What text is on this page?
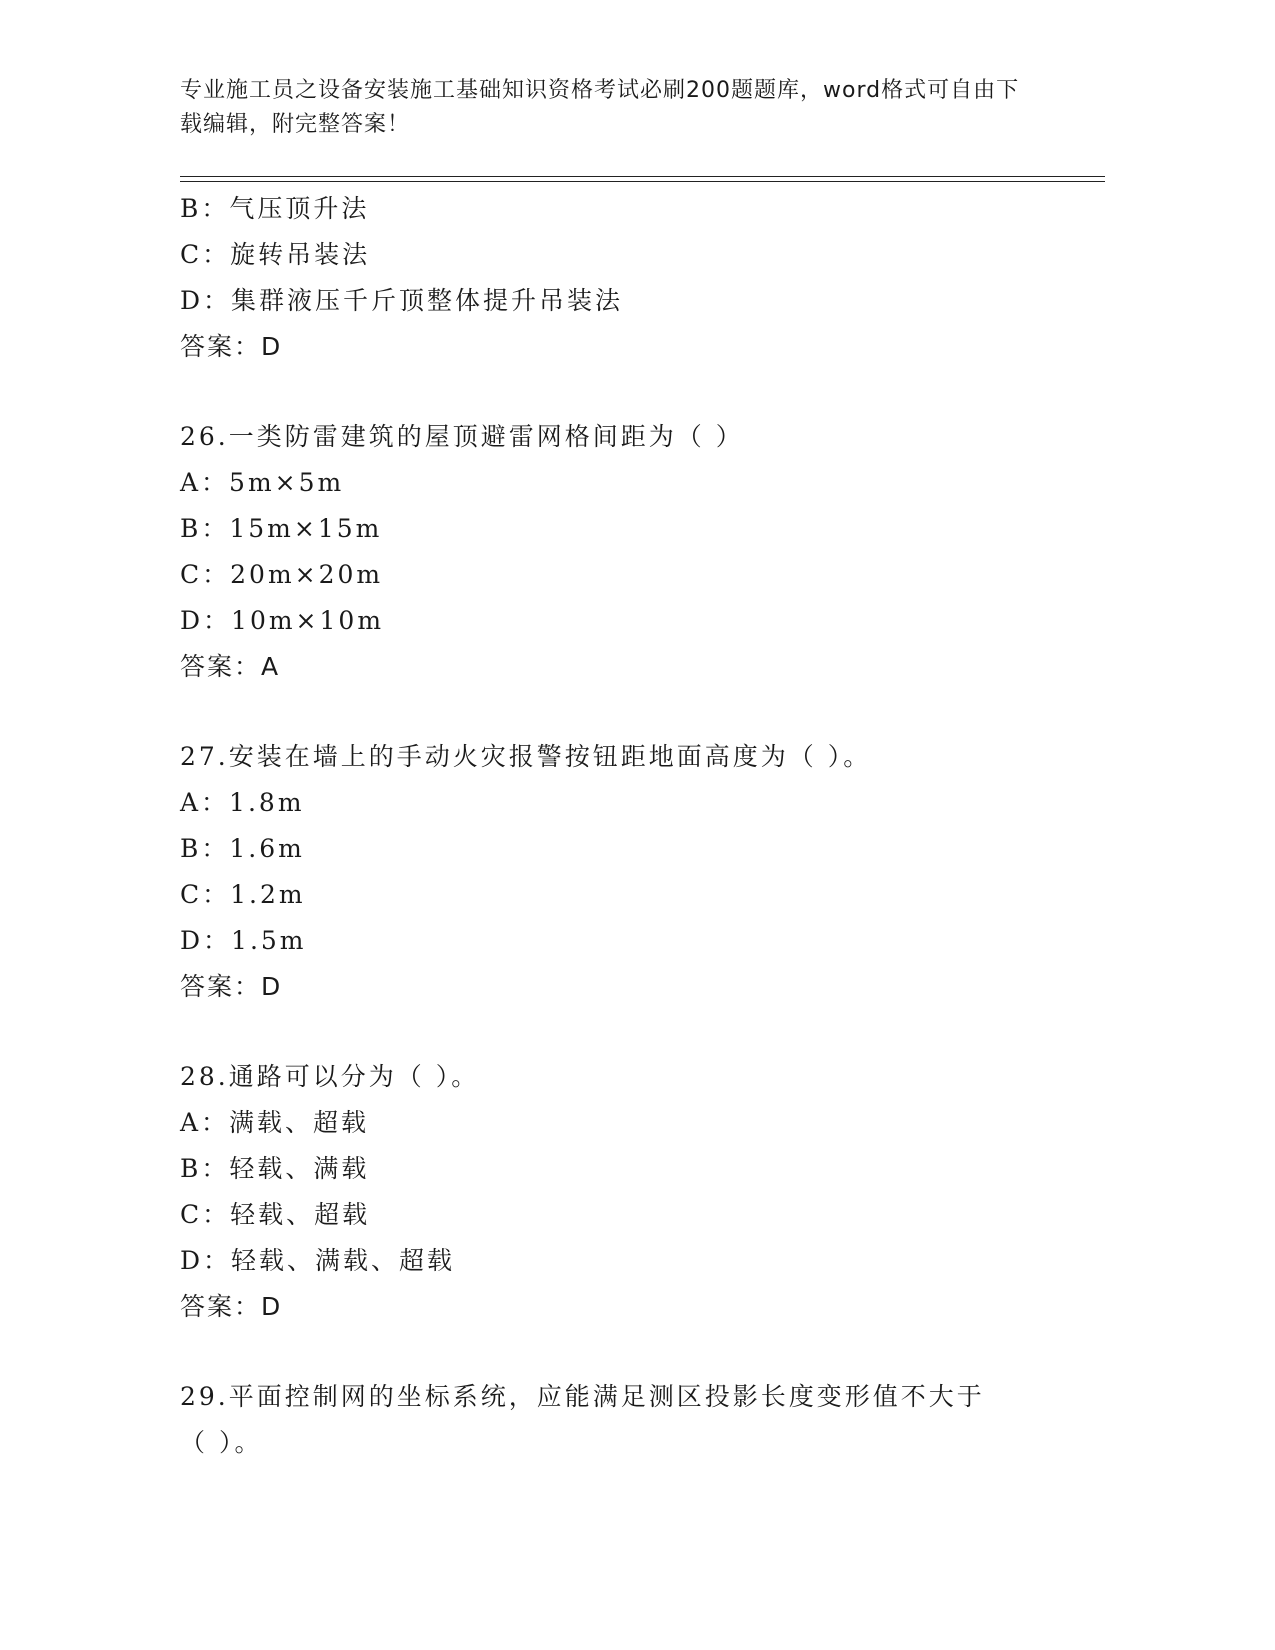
专业施工员之设备安装施工基础知识资格考试必刷200题题库，word格式可自由下载编辑，附完整答案！
B：气压顶升法
C：旋转吊装法
D：集群液压千斤顶整体提升吊装法
答案：D
26.一类防雷建筑的屋顶避雷网格间距为（ ）
A：5m×5m
B：15m×15m
C：20m×20m
D：10m×10m
答案：A
27.安装在墙上的手动火灾报警按钮距地面高度为（ ）。
A：1.8m
B：1.6m
C：1.2m
D：1.5m
答案：D
28.通路可以分为（ ）。
A：满载、超载
B：轻载、满载
C：轻载、超载
D：轻载、满载、超载
答案：D
29.平面控制网的坐标系统，应能满足测区投影长度变形值不大于（ ）。
